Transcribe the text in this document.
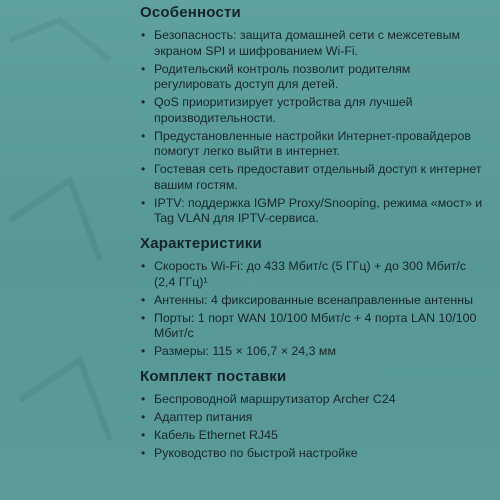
Особенности
• Безопасность: защита домашней сети с межсетевым экраном SPI и шифрованием Wi-Fi.
• Родительский контроль позволит родителям регулировать доступ для детей.
• QoS приоритизирует устройства для лучшей производительности.
• Предустановленные настройки Интернет-провайдеров помогут легко выйти в интернет.
• Гостевая сеть предоставит отдельный доступ к интернет вашим гостям.
• IPTV: поддержка IGMP Proxy/Snooping, режима «мост» и Tag VLAN для IPTV-сервиса.
Характеристики
• Скорость Wi-Fi: до 433 Мбит/с (5 ГГц) + до 300 Мбит/с (2,4 ГГц)¹
• Антенны: 4 фиксированные всенаправленные антенны
• Порты: 1 порт WAN 10/100 Мбит/с + 4 порта LAN 10/100 Мбит/с
• Размеры: 115 × 106,7 × 24,3 мм
Комплект поставки
• Беспроводной маршрутизатор Archer C24
• Адаптер питания
• Кабель Ethernet RJ45
• Руководство по быстрой настройке
